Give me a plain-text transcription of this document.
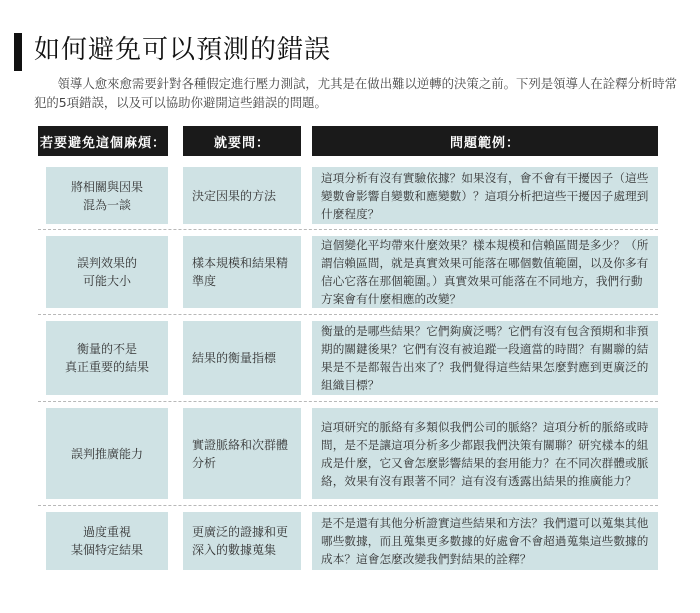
如何避免可以預測的錯誤
領導人愈來愈需要針對各種假定進行壓力測試，尤其是在做出難以逆轉的決策之前。下列是領導人在詮釋分析時常犯的5項錯誤，以及可以協助你避開這些錯誤的問題。
若要避免這個麻煩：	就要問：	問題範例：
將相關與因果
混為一談
決定因果的方法
這項分析有沒有實驗依據？如果沒有，會不會有干擾因子（這些變數會影響自變數和應變數）？這項分析把這些干擾因子處理到什麼程度？
誤判效果的
可能大小
樣本規模和結果精準度
這個變化平均帶來什麼效果？樣本規模和信賴區間是多少？（所謂信賴區間，就是真實效果可能落在哪個數值範圍，以及你多有信心它落在那個範圍。）真實效果可能落在不同地方，我們行動方案會有什麼相應的改變？
衡量的不是
真正重要的結果
結果的衡量指標
衡量的是哪些結果？它們夠廣泛嗎？它們有沒有包含預期和非預期的關鍵後果？它們有沒有被追蹤一段適當的時間？有關聯的結果是不是都報告出來了？我們覺得這些結果怎麼對應到更廣泛的組織目標？
誤判推廣能力
實證脈絡和次群體分析
這項研究的脈絡有多類似我們公司的脈絡？這項分析的脈絡或時間，是不是讓這項分析多少都跟我們決策有關聯？研究樣本的組成是什麼，它又會怎麼影響結果的套用能力？在不同次群體或脈絡，效果有沒有跟著不同？這有沒有透露出結果的推廣能力？
過度重視
某個特定結果
更廣泛的證據和更深入的數據蒐集
是不是還有其他分析證實這些結果和方法？我們還可以蒐集其他哪些數據，而且蒐集更多數據的好處會不會超過蒐集這些數據的成本？這會怎麼改變我們對結果的詮釋？
